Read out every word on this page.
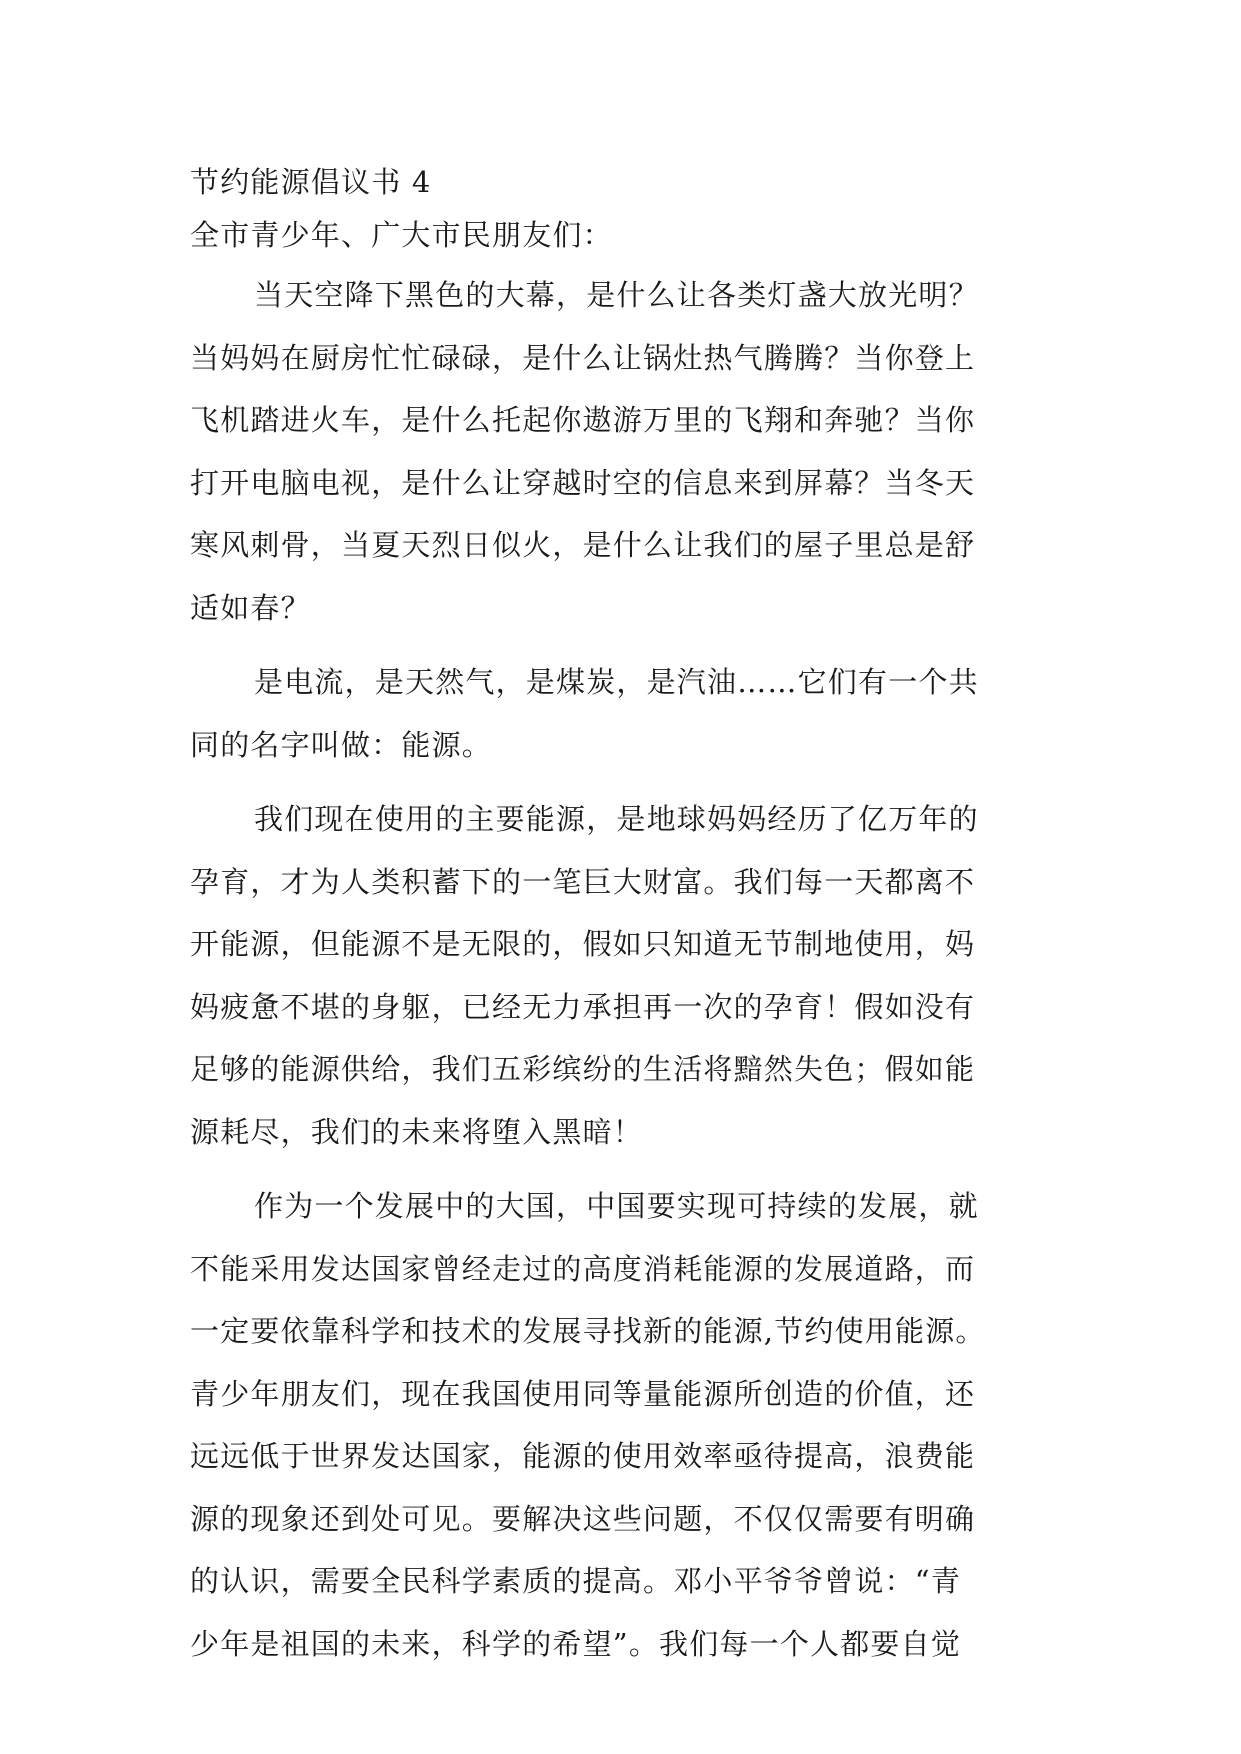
节约能源倡议书 4
全市青少年、广大市民朋友们：
当天空降下黑色的大幕，是什么让各类灯盏大放光明？
当妈妈在厨房忙忙碌碌，是什么让锅灶热气腾腾？当你登上
飞机踏进火车，是什么托起你遨游万里的飞翔和奔驰？当你
打开电脑电视，是什么让穿越时空的信息来到屏幕？当冬天
寒风刺骨，当夏天烈日似火，是什么让我们的屋子里总是舒
适如春？
是电流，是天然气，是煤炭，是汽油……它们有一个共
同的名字叫做：能源。
我们现在使用的主要能源，是地球妈妈经历了亿万年的
孕育，才为人类积蓄下的一笔巨大财富。我们每一天都离不
开能源，但能源不是无限的，假如只知道无节制地使用，妈
妈疲惫不堪的身躯，已经无力承担再一次的孕育！假如没有
足够的能源供给，我们五彩缤纷的生活将黯然失色；假如能
源耗尽，我们的未来将堕入黑暗！
作为一个发展中的大国，中国要实现可持续的发展，就
不能采用发达国家曾经走过的高度消耗能源的发展道路，而
一定要依靠科学和技术的发展寻找新的能源,节约使用能源。
青少年朋友们，现在我国使用同等量能源所创造的价值，还
远远低于世界发达国家，能源的使用效率亟待提高，浪费能
源的现象还到处可见。要解决这些问题，不仅仅需要有明确
的认识，需要全民科学素质的提高。邓小平爷爷曾说：“青
少年是祖国的未来，科学的希望”。我们每一个人都要自觉
